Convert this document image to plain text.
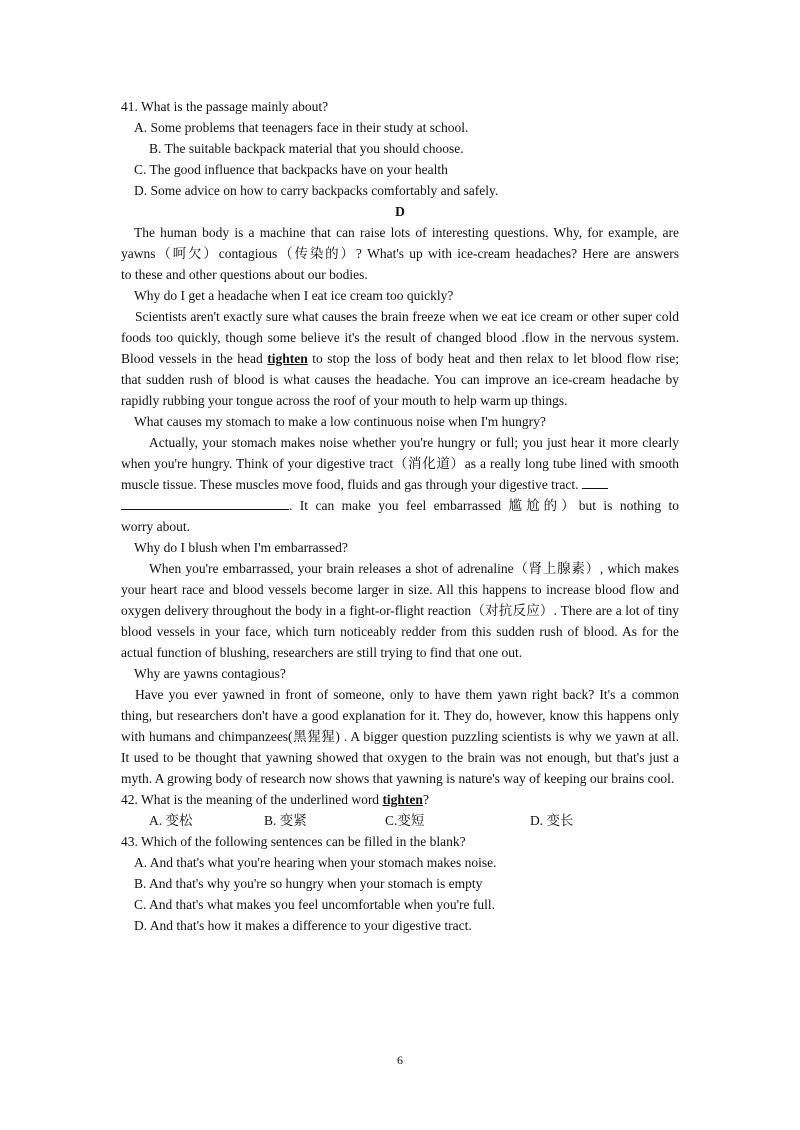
41. What is the passage mainly about?
A. Some problems that teenagers face in their study at school.
B. The suitable backpack material that you should choose.
C. The good influence that backpacks have on your health
D. Some advice on how to carry backpacks comfortably and safely.
D
The human body is a machine that can raise lots of interesting questions. Why, for example, are
yawns（呵欠）contagious（传染的）? What's up with ice-cream headaches? Here are answers
to these and other questions about our bodies.
Why do I get a headache when I eat ice cream too quickly?
Scientists aren't exactly sure what causes the brain freeze when we eat ice cream or other super cold foods too quickly, though some believe it's the result of changed blood .flow in the nervous system. Blood vessels in the head tighten to stop the loss of body heat and then relax to let blood flow rise; that sudden rush of blood is what causes the headache. You can improve an ice-cream headache by rapidly rubbing your tongue across the roof of your mouth to help warm up things.
What causes my stomach to make a low continuous noise when I'm hungry?
Actually, your stomach makes noise whether you're hungry or full; you just hear it more clearly when you're hungry. Think of your digestive tract（消化道）as a really long tube lined with smooth muscle tissue. These muscles move food, fluids and gas through your digestive tract.
. It can make you feel embarrassed 尴尬的）but is nothing to
worry about.
Why do I blush when I'm embarrassed?
When you're embarrassed, your brain releases a shot of adrenaline（肾上腺素）, which makes your heart race and blood vessels become larger in size. All this happens to increase blood flow and oxygen delivery throughout the body in a fight-or-flight reaction（对抗反应）. There are a lot of tiny blood vessels in your face, which turn noticeably redder from this sudden rush of blood. As for the actual function of blushing, researchers are still trying to find that one out.
Why are yawns contagious?
Have you ever yawned in front of someone, only to have them yawn right back? It's a common thing, but researchers don't have a good explanation for it. They do, however, know this happens only with humans and chimpanzees(黑猩猩) . A bigger question puzzling scientists is why we yawn at all. It used to be thought that yawning showed that oxygen to the brain was not enough, but that's just a myth. A growing body of research now shows that yawning is nature's way of keeping our brains cool.
42. What is the meaning of the underlined word tighten?
A. 变松	B. 变紧	C.变短	D. 变长
43. Which of the following sentences can be filled in the blank?
A. And that's what you're hearing when your stomach makes noise.
B. And that's why you're so hungry when your stomach is empty
C. And that's what makes you feel uncomfortable when you're full.
D. And that's how it makes a difference to your digestive tract.
6
